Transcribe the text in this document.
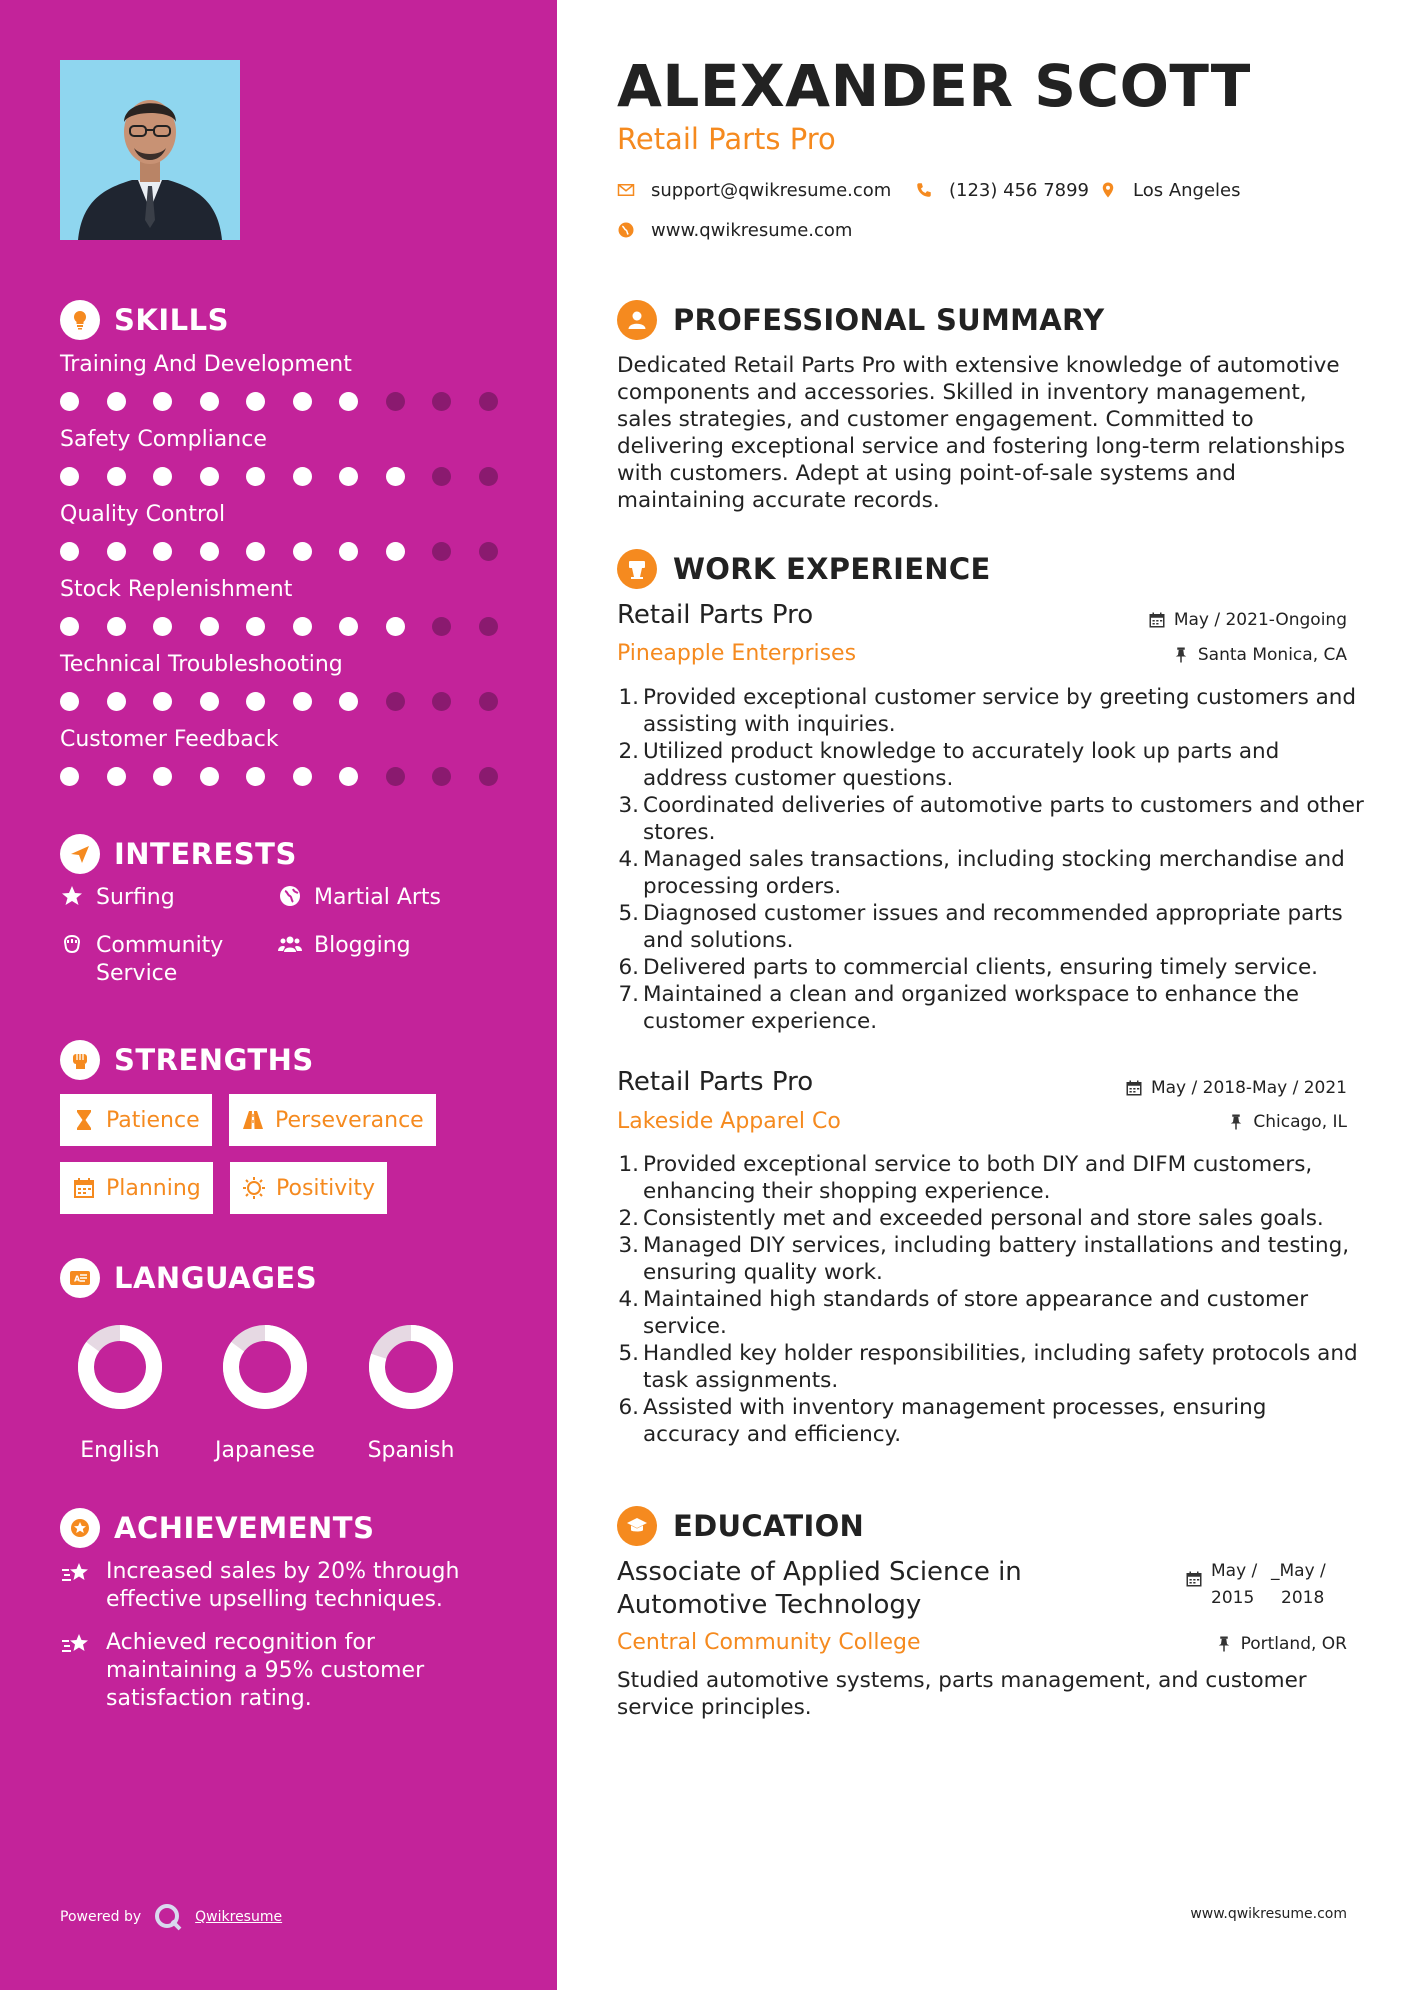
SKILLS
Training And Development
Safety Compliance
Quality Control
Stock Replenishment
Technical Troubleshooting
Customer Feedback
INTERESTS
Surfing	Martial Arts
Community Service
Blogging
STRENGTHS
Patience	Perseverance
Planning	Positivity
A LANGUAGES
English	Japanese	Spanish
ACHIEVEMENTS
Increased sales by 20% through effective upselling techniques.
Achieved recognition for maintaining a 95% customer satisfaction rating.
Powered by	Qwikresume
ALEXANDER SCOTT
Retail Parts Pro
support@qwikresume.com	(123) 456 7899 Los Angeles
www.qwikresume.com
PROFESSIONAL SUMMARY
Dedicated Retail Parts Pro with extensive knowledge of automotive components and accessories. Skilled in inventory management, sales strategies, and customer engagement. Committed to delivering exceptional service and fostering long-term relationships with customers. Adept at using point-of-sale systems and maintaining accurate records.
WORK EXPERIENCE
Retail Parts Pro	May / 2021-Ongoing
Pineapple Enterprises	Santa Monica, CA
1. Provided exceptional customer service by greeting customers and assisting with inquiries.
2. Utilized product knowledge to accurately look up parts and address customer questions.
3. Coordinated deliveries of automotive parts to customers and other stores.
4. Managed sales transactions, including stocking merchandise and processing orders.
5. Diagnosed customer issues and recommended appropriate parts and solutions.
6. Delivered parts to commercial clients, ensuring timely service.
7. Maintained a clean and organized workspace to enhance the customer experience.
Retail Parts Pro	May / 2018-May / 2021
Lakeside Apparel Co	Chicago, IL
1. Provided exceptional service to both DIY and DIFM customers, enhancing their shopping experience.
2. Consistently met and exceeded personal and store sales goals.
3. Managed DIY services, including battery installations and testing, ensuring quality work.
4. Maintained high standards of store appearance and customer service.
5. Handled key holder responsibilities, including safety protocols and task assignments.
6. Assisted with inventory management processes, ensuring accuracy and efficiency.
EDUCATION
Associate of Applied Science in Automotive Technology
May /
2015
_May /
2018
Central Community College	Portland, OR
Studied automotive systems, parts management, and customer service principles.
www.qwikresume.com
